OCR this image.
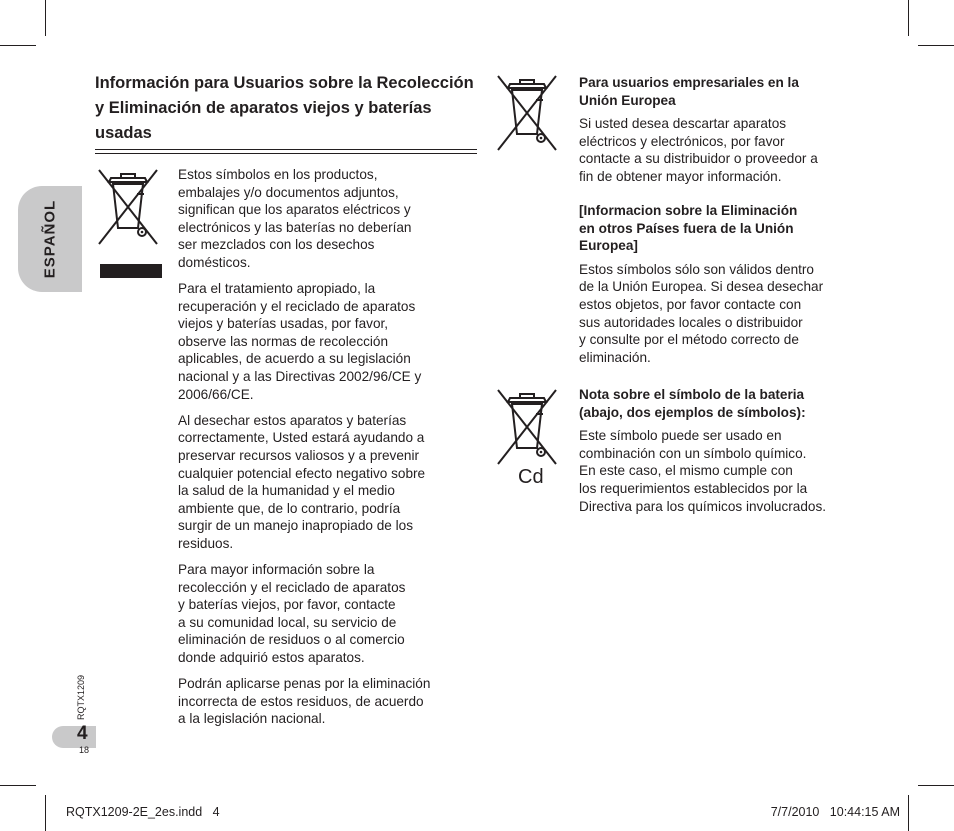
ESPAÑOL
RQTX1209
4
18
Información para Usuarios sobre la Recolección y Eliminación de aparatos viejos y baterías usadas

Estos símbolos en los productos,
embalajes y/o documentos adjuntos,
significan que los aparatos eléctricos y
electrónicos y las baterías no deberían
ser mezclados con los desechos
domésticos.

Para el tratamiento apropiado, la
recuperación y el reciclado de aparatos
viejos y baterías usadas, por favor,
observe las normas de recolección
aplicables, de acuerdo a su legislación
nacional y a las Directivas 2002/96/CE y
2006/66/CE.

Al desechar estos aparatos y baterías
correctamente, Usted estará ayudando a
preservar recursos valiosos y a prevenir
cualquier potencial efecto negativo sobre
la salud de la humanidad y el medio
ambiente que, de lo contrario, podría
surgir de un manejo inapropiado de los
residuos.

Para mayor información sobre la
recolección y el reciclado de aparatos
y baterías viejos, por favor, contacte
a su comunidad local, su servicio de
eliminación de residuos o al comercio
donde adquirió estos aparatos.

Podrán aplicarse penas por la eliminación
incorrecta de estos residuos, de acuerdo
a la legislación nacional.

Para usuarios empresariales en la
Unión Europea

Si usted desea descartar aparatos
eléctricos y electrónicos, por favor
contacte a su distribuidor o proveedor a
fin de obtener mayor información.

[Informacion sobre la Eliminación
en otros Países fuera de la Unión
Europea]

Estos símbolos sólo son válidos dentro
de la Unión Europea. Si desea desechar
estos objetos, por favor contacte con
sus autoridades locales o distribuidor
y consulte por el método correcto de
eliminación.

Cd
Nota sobre el símbolo de la bateria
(abajo, dos ejemplos de símbolos):

Este símbolo puede ser usado en
combinación con un símbolo químico.
En este caso, el mismo cumple con
los requerimientos establecidos por la
Directiva para los químicos involucrados.

RQTX1209-2E_2es.indd   4	7/7/2010   10:44:15 AM
